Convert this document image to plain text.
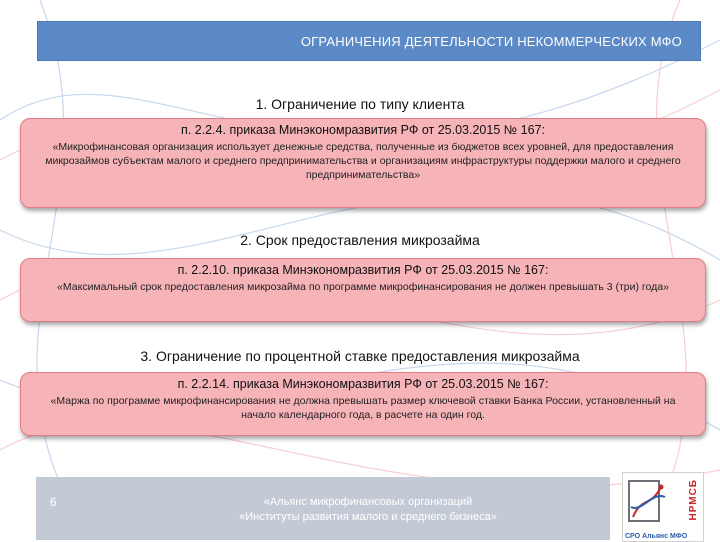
ОГРАНИЧЕНИЯ ДЕЯТЕЛЬНОСТИ НЕКОММЕРЧЕСКИХ МФО
1. Ограничение по типу клиента
п. 2.2.4. приказа Минэкономразвития РФ от 25.03.2015 № 167:
«Микрофинансовая организация использует денежные средства, полученные из бюджетов всех уровней, для предоставления микрозаймов субъектам малого и среднего предпринимательства и организациям инфраструктуры поддержки малого и среднего предпринимательства»
2. Срок предоставления микрозайма
п. 2.2.10. приказа Минэкономразвития РФ от 25.03.2015 № 167:
«Максимальный срок предоставления микрозайма по программе микрофинансирования не должен превышать 3 (три) года»
3. Ограничение по процентной ставке предоставления микрозайма
п. 2.2.14. приказа Минэкономразвития РФ от 25.03.2015 № 167:
«Маржа по программе микрофинансирования не должна превышать размер ключевой ставки Банка России, установленный на начало календарного года, в расчете на один год.
6	«Альянс микрофинансовых организаций
«Институты развития малого и среднего бизнеса»	НРМСБ
СРО Альянс МФО
